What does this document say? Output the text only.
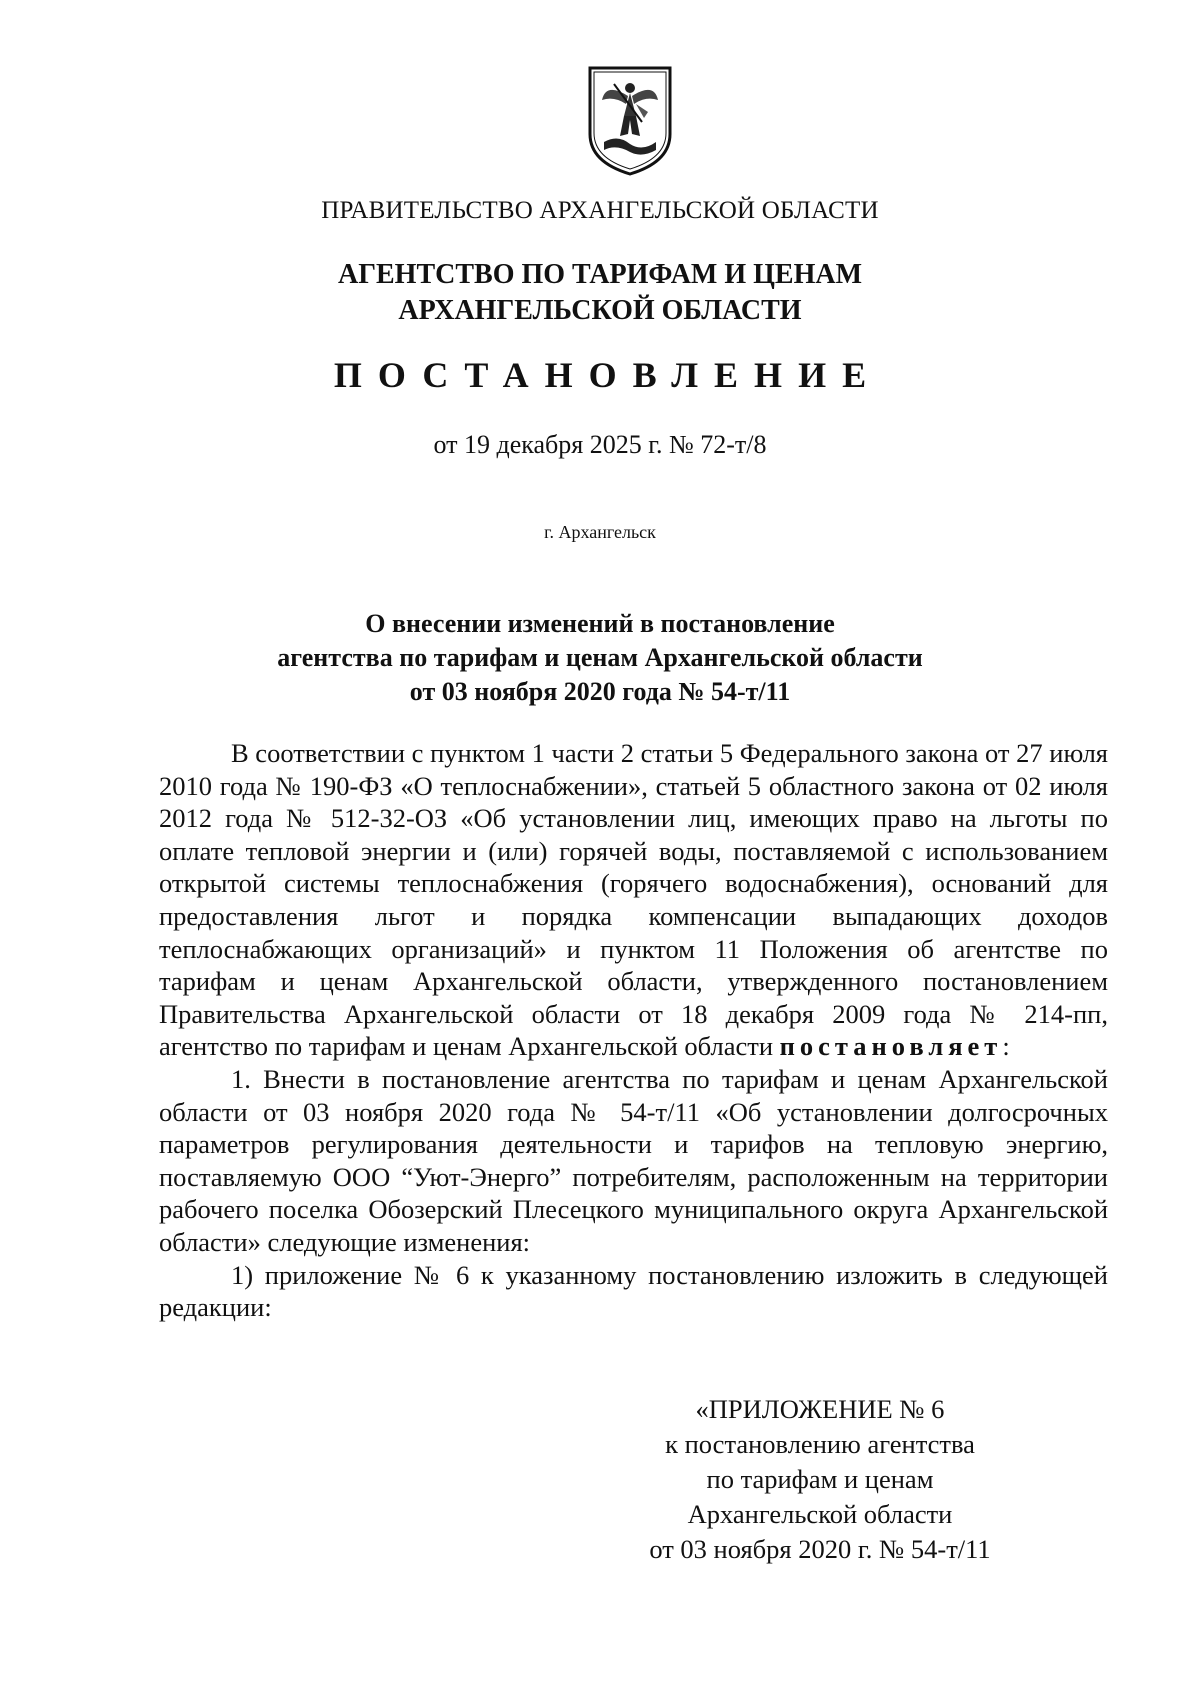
ПРАВИТЕЛЬСТВО АРХАНГЕЛЬСКОЙ ОБЛАСТИ
АГЕНТСТВО ПО ТАРИФАМ И ЦЕНАМ
АРХАНГЕЛЬСКОЙ ОБЛАСТИ
ПОСТАНОВЛЕНИЕ
от 19 декабря 2025 г. № 72-т/8
г. Архангельск
О внесении изменений в постановление
агентства по тарифам и ценам Архангельской области
от 03 ноября 2020 года № 54-т/11

В соответствии с пунктом 1 части 2 статьи 5 Федерального закона от 27 июля 2010 года № 190-ФЗ «О теплоснабжении», статьей 5 областного закона от 02 июля 2012 года № 512-32-ОЗ «Об установлении лиц, имеющих право на льготы по оплате тепловой энергии и (или) горячей воды, поставляемой с использованием открытой системы теплоснабжения (горячего водоснабжения), оснований для предоставления льгот и порядка компенсации выпадающих доходов теплоснабжающих организаций» и пунктом 11 Положения об агентстве по тарифам и ценам Архангельской области, утвержденного постановлением Правительства Архангельской области от 18 декабря 2009 года № 214-пп, агентство по тарифам и ценам Архангельской области постановляет:

1. Внести в постановление агентства по тарифам и ценам Архангельской области от 03 ноября 2020 года № 54-т/11 «Об установлении долгосрочных параметров регулирования деятельности и тарифов на тепловую энергию, поставляемую ООО “Уют-Энерго” потребителям, расположенным на территории рабочего поселка Обозерский Плесецкого муниципального округа Архангельской области» следующие изменения:

1) приложение № 6 к указанному постановлению изложить в следующей редакции:

«ПРИЛОЖЕНИЕ № 6
к постановлению агентства
по тарифам и ценам
Архангельской области
от 03 ноября 2020 г. № 54-т/11
